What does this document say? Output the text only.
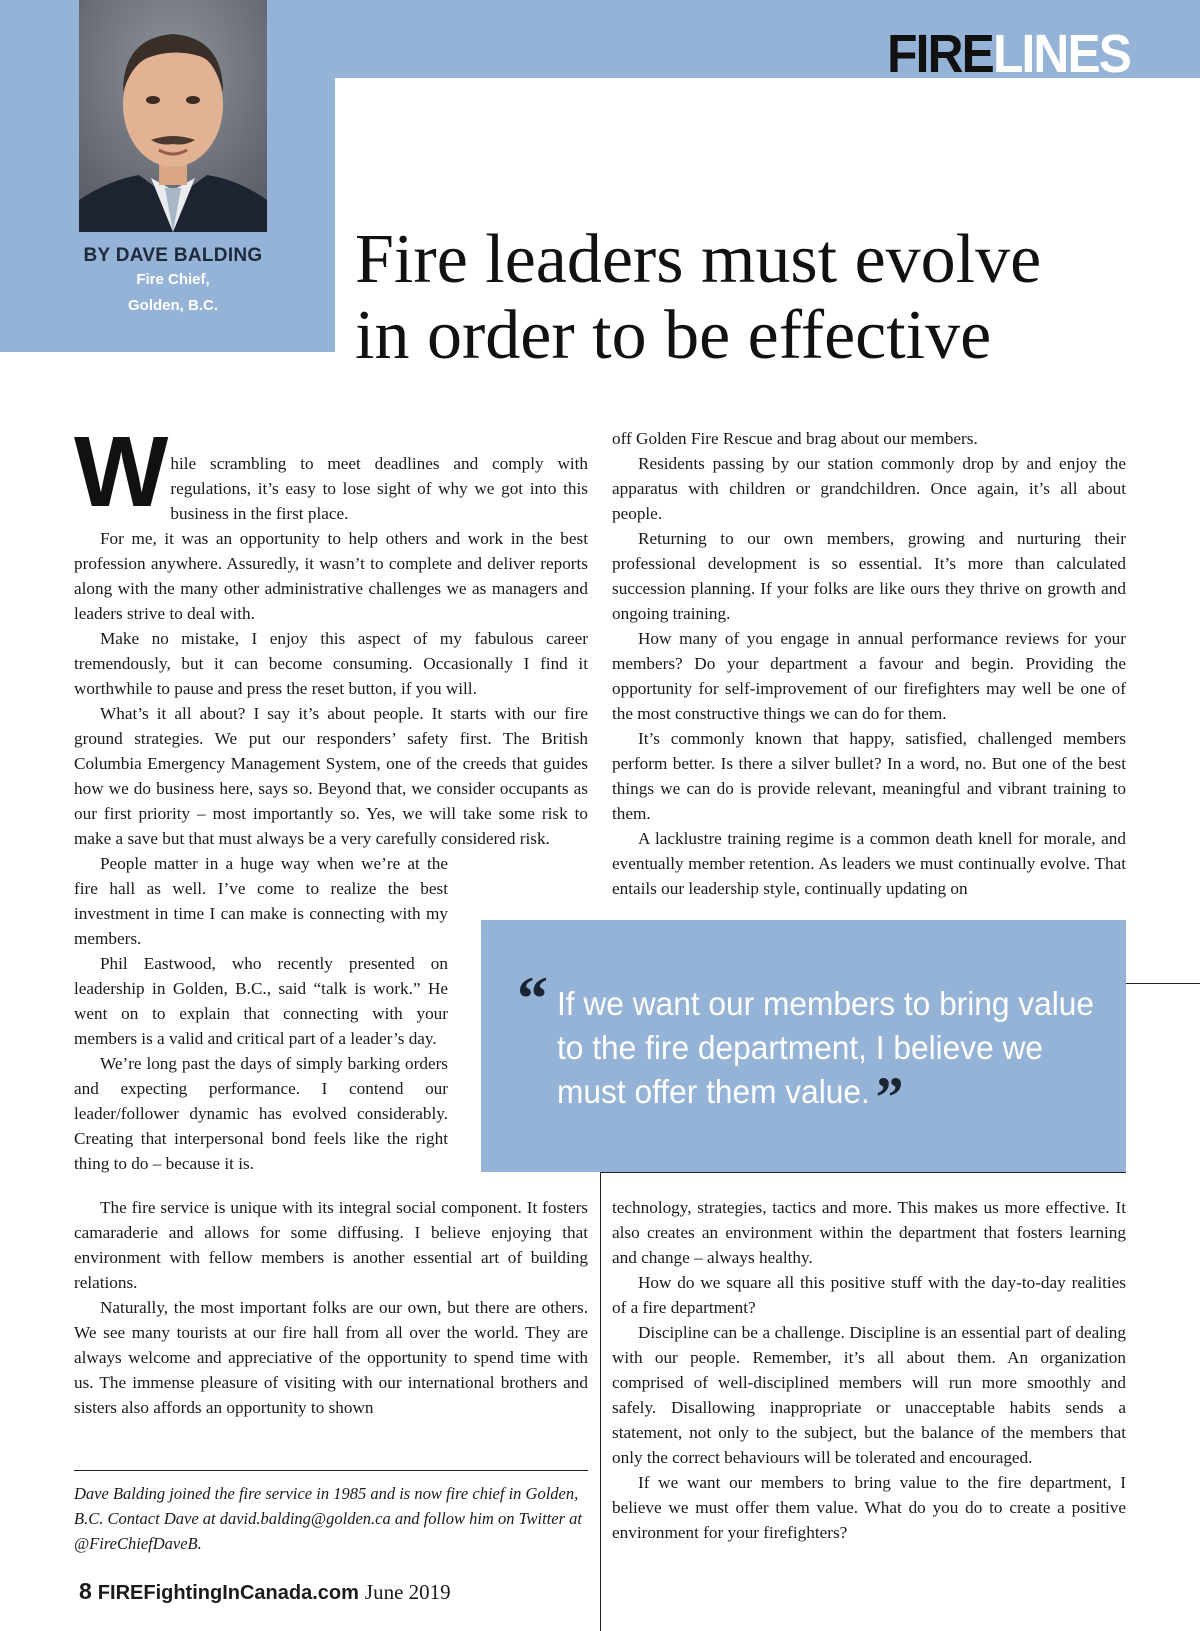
FIRELINES
BY DAVE BALDING
Fire Chief,
Golden, B.C.
Fire leaders must evolve
in order to be effective

While scrambling to meet deadlines and comply with regulations, it’s easy to lose sight of why we got into this business in the first place.

For me, it was an opportunity to help others and work in the best profession anywhere. Assuredly, it wasn’t to complete and deliver reports along with the many other administrative challenges we as managers and leaders strive to deal with.

Make no mistake, I enjoy this aspect of my fabulous career tremendously, but it can become consuming. Occasionally I find it worthwhile to pause and press the reset button, if you will.

What’s it all about? I say it’s about people. It starts with our fire ground strategies. We put our responders’ safety first. The British Columbia Emergency Management System, one of the creeds that guides how we do business here, says so. Beyond that, we consider occupants as our first priority – most importantly so. Yes, we will take some risk to make a save but that must always be a very carefully considered risk.

People matter in a huge way when we’re at the fire hall as well. I’ve come to realize the best investment in time I can make is connecting with my members.

Phil Eastwood, who recently presented on leadership in Golden, B.C., said “talk is work.” He went on to explain that connecting with your members is a valid and critical part of a leader’s day.

We’re long past the days of simply barking orders and expecting performance. I contend our leader/follower dynamic has evolved considerably. Creating that interpersonal bond feels like the right thing to do – because it is.

The fire service is unique with its integral social component. It fosters camaraderie and allows for some diffusing. I believe enjoying that environment with fellow members is another essential art of building relations.

Naturally, the most important folks are our own, but there are others. We see many tourists at our fire hall from all over the world. They are always welcome and appreciative of the opportunity to spend time with us. The immense pleasure of visiting with our international brothers and sisters also affords an opportunity to shown

off Golden Fire Rescue and brag about our members.

Residents passing by our station commonly drop by and enjoy the apparatus with children or grandchildren. Once again, it’s all about people.

Returning to our own members, growing and nurturing their professional development is so essential. It’s more than calculated succession planning. If your folks are like ours they thrive on growth and ongoing training.

How many of you engage in annual performance reviews for your members? Do your department a favour and begin. Providing the opportunity for self-improvement of our firefighters may well be one of the most constructive things we can do for them.

It’s commonly known that happy, satisfied, challenged members perform better. Is there a silver bullet? In a word, no. But one of the best things we can do is provide relevant, meaningful and vibrant training to them.

A lacklustre training regime is a common death knell for morale, and eventually member retention. As leaders we must continually evolve. That entails our leadership style, continually updating on

“ If we want our members to bring value to the fire department, I believe we must offer them value.”

technology, strategies, tactics and more. This makes us more effective. It also creates an environment within the department that fosters learning and change – always healthy.

How do we square all this positive stuff with the day-to-day realities of a fire department?

Discipline can be a challenge. Discipline is an essential part of dealing with our people. Remember, it’s all about them. An organization comprised of well-disciplined members will run more smoothly and safely. Disallowing inappropriate or unacceptable habits sends a statement, not only to the subject, but the balance of the members that only the correct behaviours will be tolerated and encouraged.

If we want our members to bring value to the fire department, I believe we must offer them value. What do you do to create a positive environment for your firefighters?

Dave Balding joined the fire service in 1985 and is now fire chief in Golden, B.C. Contact Dave at david.balding@golden.ca and follow him on Twitter at @FireChiefDaveB.
8 FIREFightingInCanada.com June 2019
